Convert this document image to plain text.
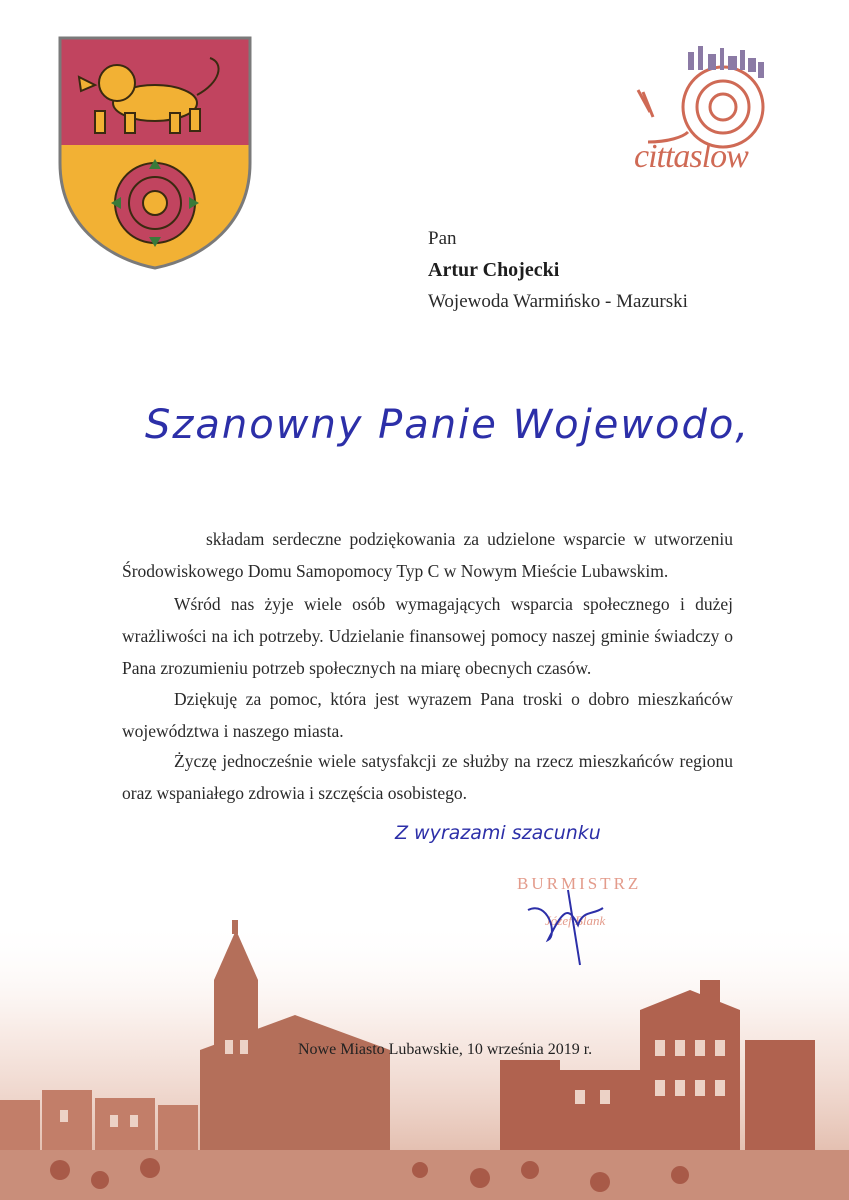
cittaslow
Pan
Artur Chojecki
Wojewoda Warmińsko - Mazurski
Szanowny Panie Wojewodo,
składam serdeczne podziękowania za udzielone wsparcie w utworzeniu Środowiskowego Domu Samopomocy Typ C w Nowym Mieście Lubawskim.
Wśród nas żyje wiele osób wymagających wsparcia społecznego i dużej wrażliwości na ich potrzeby. Udzielanie finansowej pomocy naszej gminie świadczy o Pana zrozumieniu potrzeb społecznych na miarę obecnych czasów.
Dziękuję za pomoc, która jest wyrazem Pana troski o dobro mieszkańców województwa i naszego miasta.
Życzę jednocześnie wiele satysfakcji ze służby na rzecz mieszkańców regionu oraz wspaniałego zdrowia i szczęścia osobistego.
Z wyrazami szacunku
BURMISTRZ
Józef Blank
Nowe Miasto Lubawskie, 10 września 2019 r.
